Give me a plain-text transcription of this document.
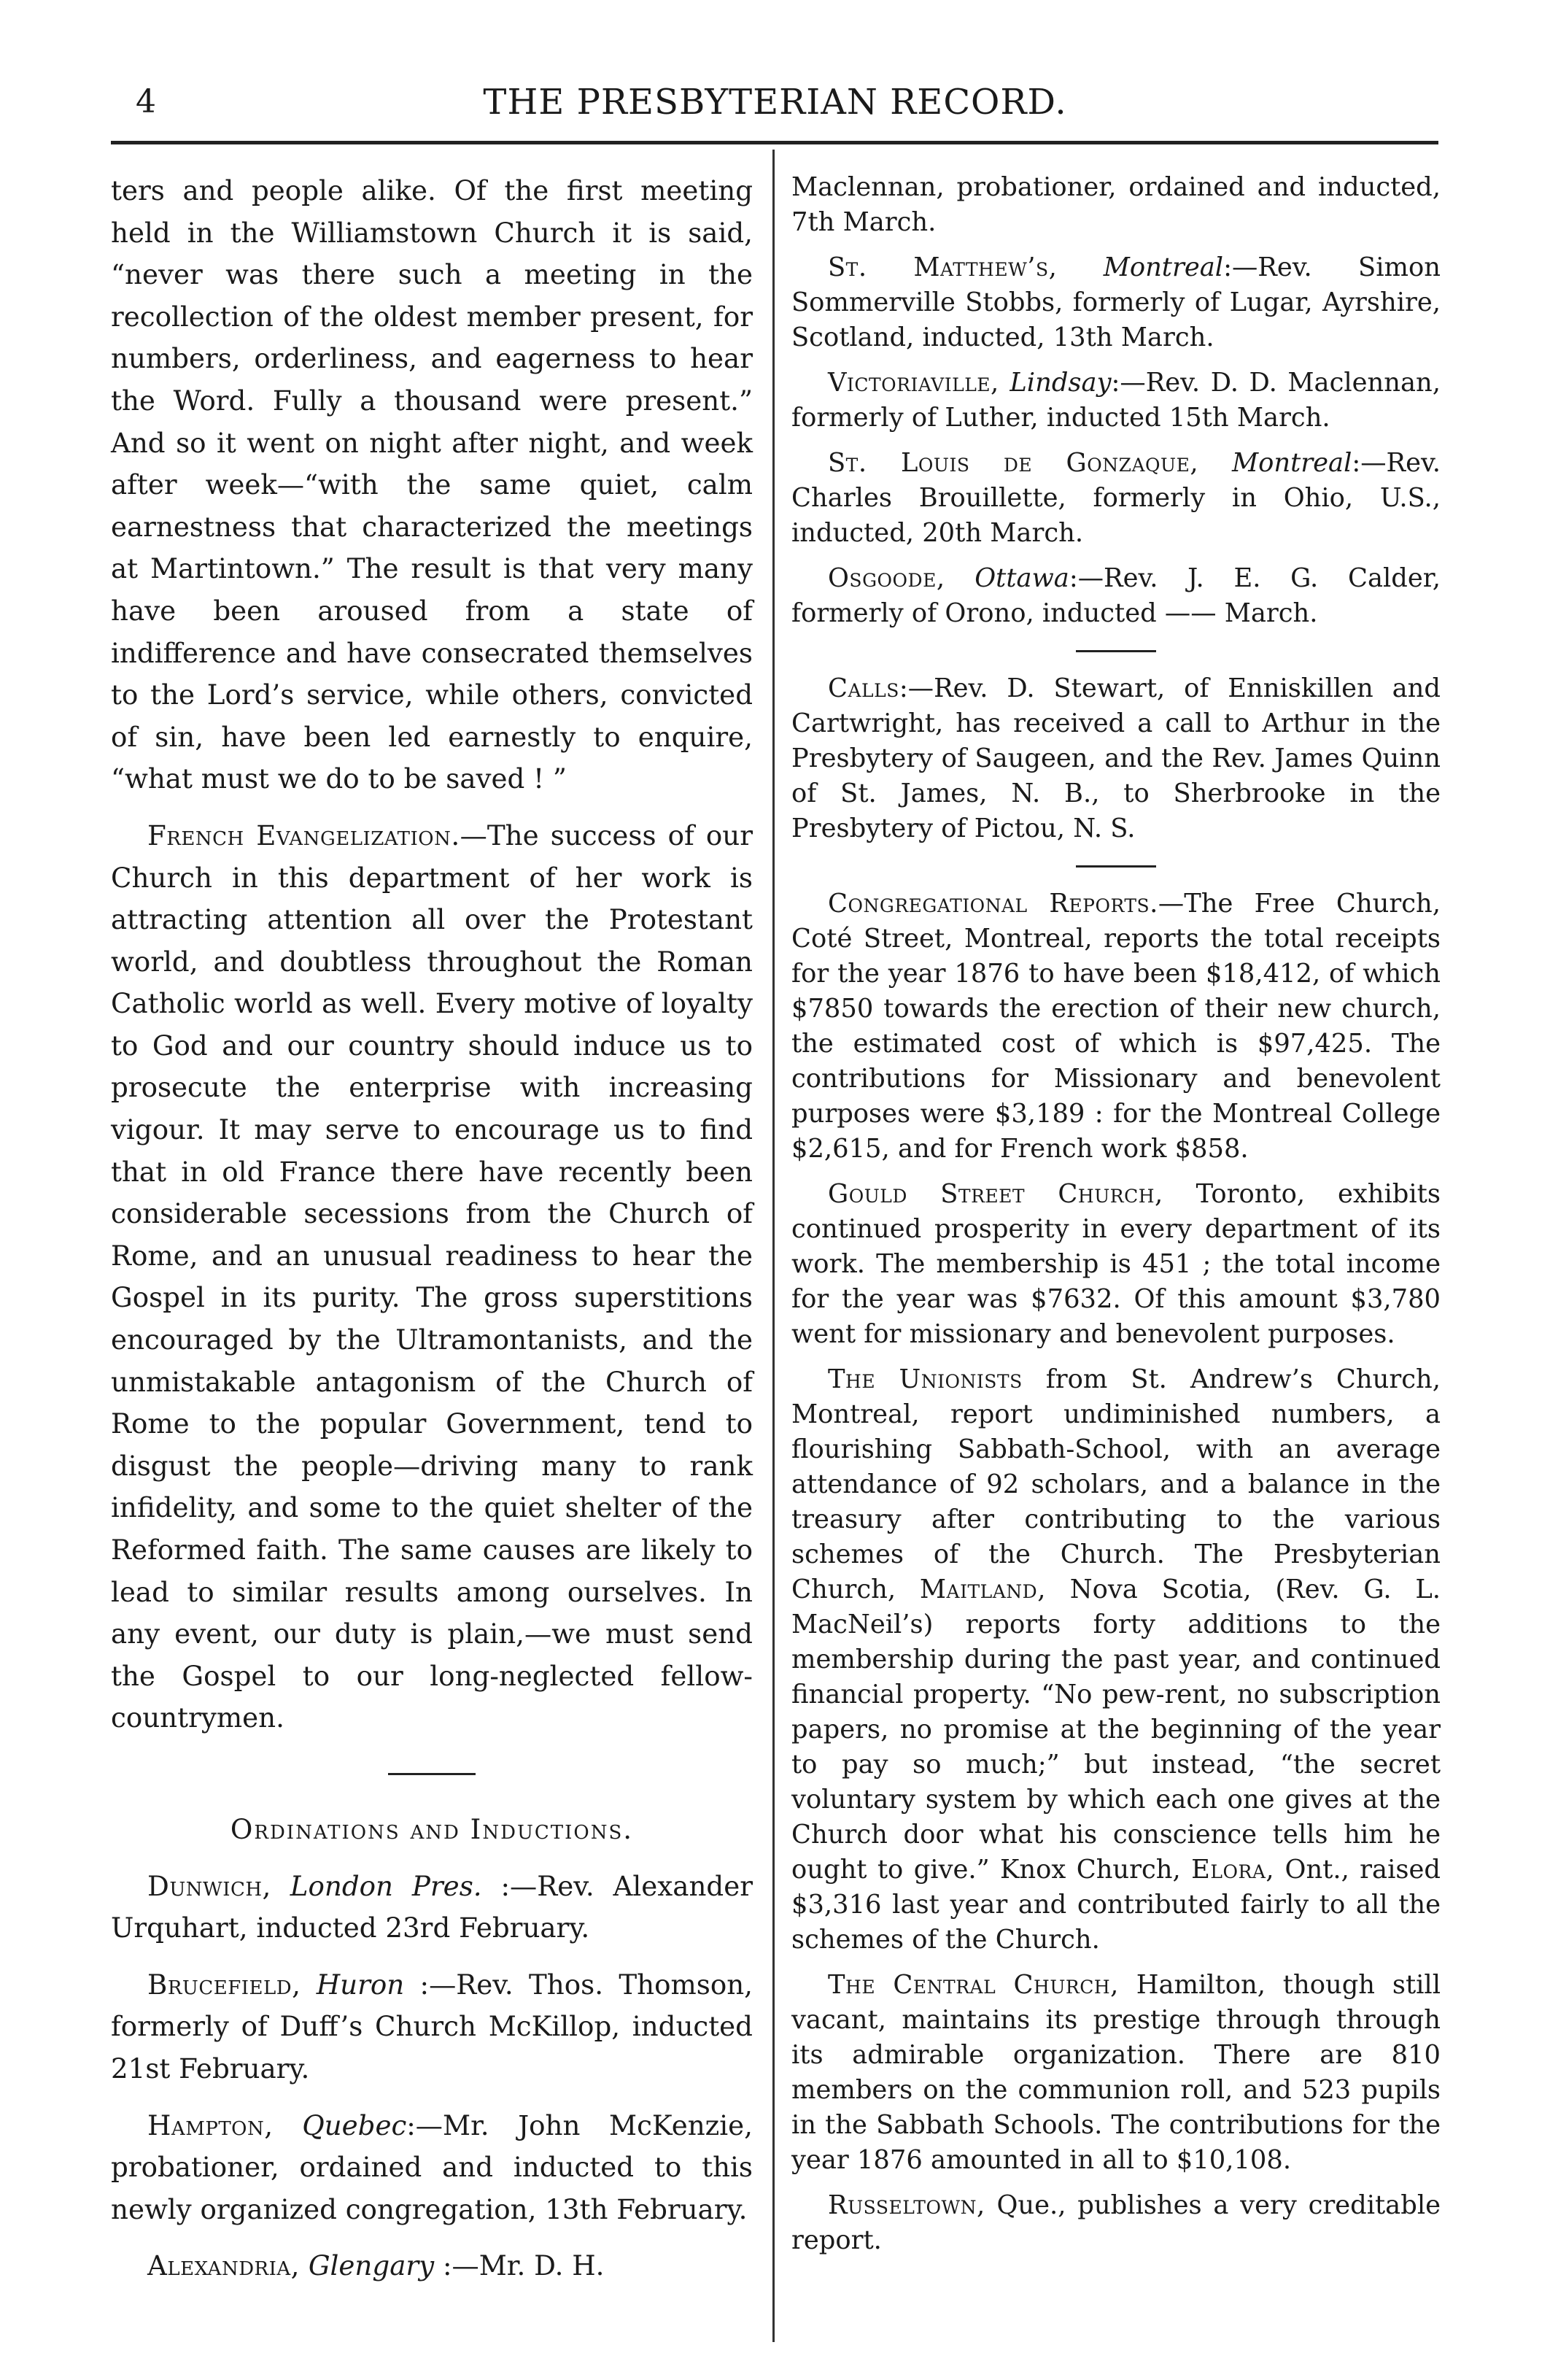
4	THE PRESBYTERIAN RECORD.

ters and people alike. Of the first meeting held in the Williamstown Church it is said, “never was there such a meeting in the recollection of the oldest member present, for numbers, orderliness, and eagerness to hear the Word. Fully a thousand were present.” And so it went on night after night, and week after week—“with the same quiet, calm earnestness that characterized the meetings at Martintown.” The result is that very many have been aroused from a state of indifference and have consecrated themselves to the Lord’s service, while others, convicted of sin, have been led earnestly to enquire, “what must we do to be saved ! ”

French Evangelization.—The success of our Church in this department of her work is attracting attention all over the Protestant world, and doubtless throughout the Roman Catholic world as well. Every motive of loyalty to God and our country should induce us to prosecute the enterprise with increasing vigour. It may serve to encourage us to find that in old France there have recently been considerable secessions from the Church of Rome, and an unusual readiness to hear the Gospel in its purity. The gross superstitions encouraged by the Ultramontanists, and the unmistakable antagonism of the Church of Rome to the popular Government, tend to disgust the people—driving many to rank infidelity, and some to the quiet shelter of the Reformed faith. The same causes are likely to lead to similar results among ourselves. In any event, our duty is plain,—we must send the Gospel to our long-neglected fellow-countrymen.

Ordinations and Inductions.

Dunwich, London Pres. :—Rev. Alexander Urquhart, inducted 23rd February.

Brucefield, Huron :—Rev. Thos. Thomson, formerly of Duff’s Church McKillop, inducted 21st February.

Hampton, Quebec:—Mr. John McKenzie, probationer, ordained and inducted to this newly organized congregation, 13th February.

Alexandria, Glengary :—Mr. D. H.

Maclennan, probationer, ordained and inducted, 7th March.

St. Matthew’s, Montreal:—Rev. Simon Sommerville Stobbs, formerly of Lugar, Ayrshire, Scotland, inducted, 13th March.

Victoriaville, Lindsay:—Rev. D. D. Maclennan, formerly of Luther, inducted 15th March.

St. Louis de Gonzaque, Montreal:—Rev. Charles Brouillette, formerly in Ohio, U.S., inducted, 20th March.

Osgoode, Ottawa:—Rev. J. E. G. Calder, formerly of Orono, inducted —— March.

Calls:—Rev. D. Stewart, of Enniskillen and Cartwright, has received a call to Arthur in the Presbytery of Saugeen, and the Rev. James Quinn of St. James, N. B., to Sherbrooke in the Presbytery of Pictou, N. S.

Congregational Reports.—The Free Church, Coté Street, Montreal, reports the total receipts for the year 1876 to have been $18,412, of which $7850 towards the erection of their new church, the estimated cost of which is $97,425. The contributions for Missionary and benevolent purposes were $3,189 : for the Montreal College $2,615, and for French work $858.

Gould Street Church, Toronto, exhibits continued prosperity in every department of its work. The membership is 451 ; the total income for the year was $7632. Of this amount $3,780 went for missionary and benevolent purposes.

The Unionists from St. Andrew’s Church, Montreal, report undiminished numbers, a flourishing Sabbath-School, with an average attendance of 92 scholars, and a balance in the treasury after contributing to the various schemes of the Church. The Presbyterian Church, Maitland, Nova Scotia, (Rev. G. L. MacNeil’s) reports forty additions to the membership during the past year, and continued financial property. “No pew-rent, no subscription papers, no promise at the beginning of the year to pay so much;” but instead, “the secret voluntary system by which each one gives at the Church door what his conscience tells him he ought to give.” Knox Church, Elora, Ont., raised $3,316 last year and contributed fairly to all the schemes of the Church.

The Central Church, Hamilton, though still vacant, maintains its prestige through through its admirable organization. There are 810 members on the communion roll, and 523 pupils in the Sabbath Schools. The contributions for the year 1876 amounted in all to $10,108.

Russeltown, Que., publishes a very creditable report.
